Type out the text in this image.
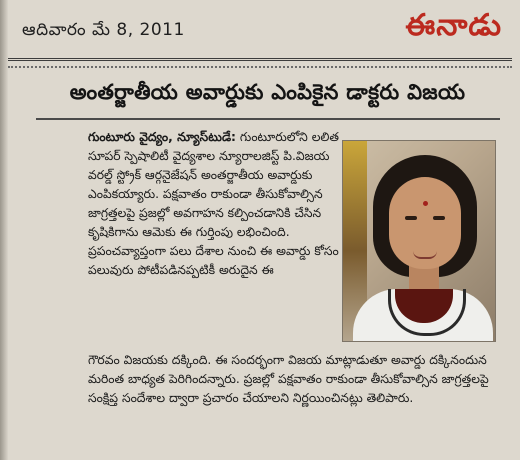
ఆదివారం మే 8, 2011	ఈనాడు
అంతర్జాతీయ అవార్డుకు ఎంపికైన డాక్టరు విజయ

గుంటూరు వైద్యం, న్యూస్‌టుడే: గుంటూరులోని లలిత సూపర్ స్పెషాలిటీ వైద్యశాల న్యూరాలజిస్ట్ పి.విజయ వరల్డ్ స్ట్రోక్ ఆర్గనైజేషన్ అంతర్జాతీయ అవార్డుకు ఎంపికయ్యారు. పక్షవాతం రాకుండా తీసుకోవాల్సిన జాగ్రత్తలపై ప్రజల్లో అవగాహన కల్పించడానికి చేసిన కృషికిగాను ఆమెకు ఈ గుర్తింపు లభించింది. ప్రపంచవ్యాప్తంగా పలు దేశాల నుంచి ఈ అవార్డు కోసం పలువురు పోటీపడినప్పటికీ అరుదైన ఈ

గౌరవం విజయకు దక్కింది. ఈ సందర్భంగా విజయ మాట్లాడుతూ అవార్డు దక్కినందున మరింత బాధ్యత పెరిగిందన్నారు. ప్రజల్లో పక్షవాతం రాకుండా తీసుకోవాల్సిన జాగ్రత్తలపై సంక్షిప్త సందేశాల ద్వారా ప్రచారం చేయాలని నిర్ణయించినట్లు తెలిపారు.
